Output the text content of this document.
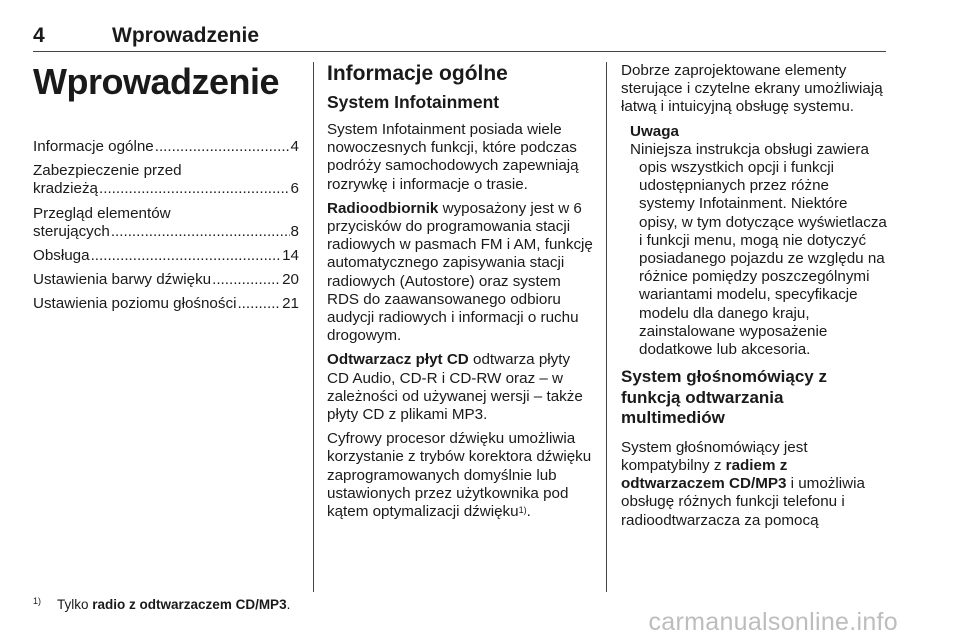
4	Wprowadzenie
Wprowadzenie
Informacje ogólne .....	4
Zabezpieczenie przed
kradzieżą .....	6
Przegląd elementów
sterujących .....	8
Obsługa .....	14
Ustawienia barwy dźwięku .....	20
Ustawienia poziomu głośności .....	21
Informacje ogólne
System Infotainment

System Infotainment posiada wiele nowoczesnych funkcji, które podczas podróży samochodowych zapewniają rozrywkę i informacje o trasie.

Radioodbiornik wyposażony jest w 6 przycisków do programowania stacji radiowych w pasmach FM i AM, funkcję automatycznego zapisywania stacji radiowych (Autostore) oraz system RDS do zaawansowanego odbioru audycji radiowych i informacji o ruchu drogowym.

Odtwarzacz płyt CD odtwarza płyty CD Audio, CD-R i CD-RW oraz – w zależności od używanej wersji – także płyty CD z plikami MP3.

Cyfrowy procesor dźwięku umożliwia korzystanie z trybów korektora dźwięku zaprogramowanych domyślnie lub ustawionych przez użytkownika pod kątem optymalizacji dźwięku$^{1)}$.

Dobrze zaprojektowane elementy sterujące i czytelne ekrany umożliwiają łatwą i intuicyjną obsługę systemu.

Uwaga
Niniejsza instrukcja obsługi zawiera
opis wszystkich opcji i funkcji udostępnianych przez różne systemy Infotainment. Niektóre opisy, w tym dotyczące wyświetlacza i funkcji menu, mogą nie dotyczyć posiadanego pojazdu ze względu na różnice pomiędzy poszczególnymi wariantami modelu, specyfikacje modelu dla danego kraju, zainstalowane wyposażenie dodatkowe lub akcesoria.
System głośnomówiący z funkcją odtwarzania multimediów

System głośnomówiący jest kompatybilny z radiem z odtwarzaczem CD/MP3 i umożliwia obsługę różnych funkcji telefonu i radioodtwarzacza za pomocą

$^{1)}$ Tylko radio z odtwarzaczem CD/MP3.
carmanualsonline.info
